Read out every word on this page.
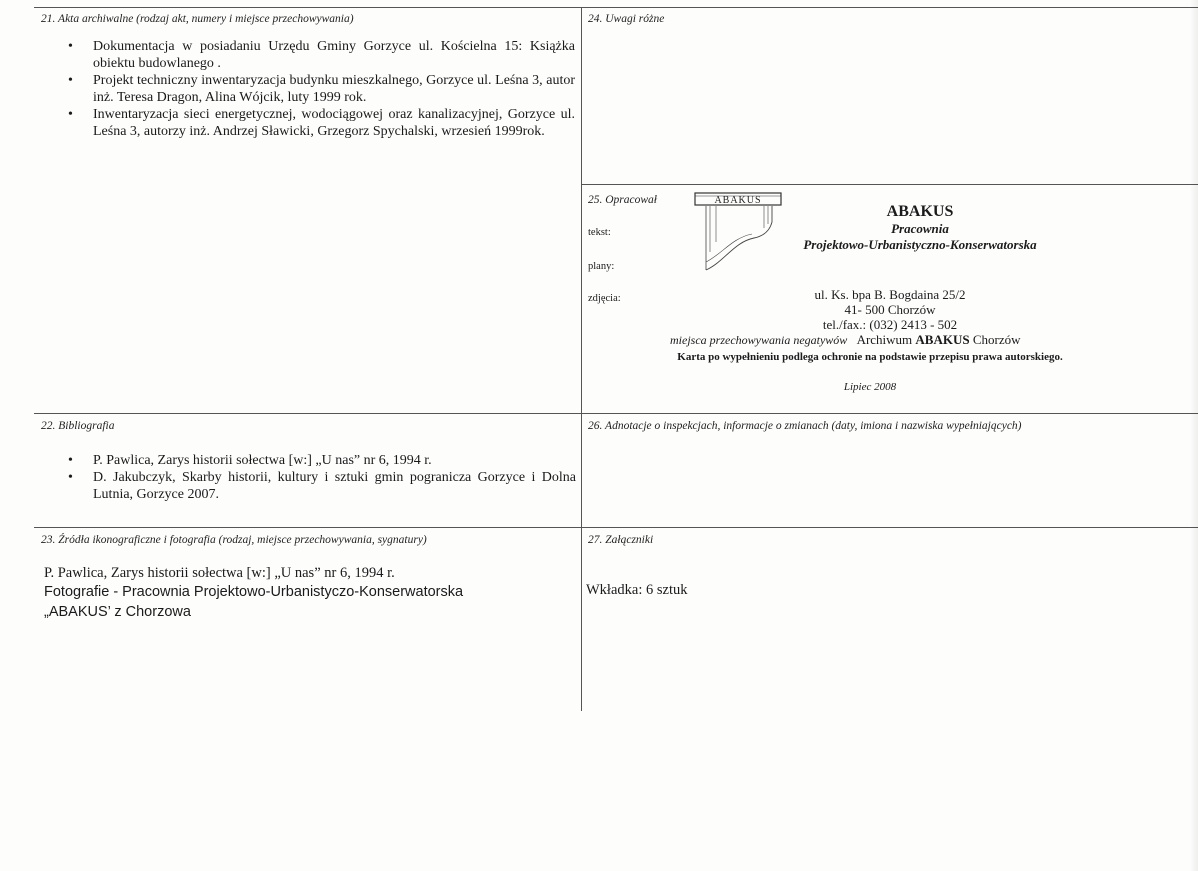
21. Akta archiwalne (rodzaj akt, numery i miejsce przechowywania)
• Dokumentacja w posiadaniu Urzędu Gminy Gorzyce ul. Kościelna 15: Książka obiektu budowlanego .
• Projekt techniczny inwentaryzacja budynku mieszkalnego, Gorzyce ul. Leśna 3, autor inż. Teresa Dragon, Alina Wójcik, luty 1999 rok.
• Inwentaryzacja sieci energetycznej, wodociągowej oraz kanalizacyjnej, Gorzyce ul. Leśna 3, autorzy inż. Andrzej Sławicki, Grzegorz Spychalski, wrzesień 1999rok.
24. Uwagi różne
25. Opracował
tekst:
plany:
zdjęcia:
ABAKUS
ABAKUS
Pracownia
Projektowo-Urbanistyczno-Konserwatorska
ul. Ks. bpa B. Bogdaina 25/2
41- 500 Chorzów
tel./fax.: (032) 2413 - 502
miejsca przechowywania negatywów Archiwum ABAKUS Chorzów
Karta po wypełnieniu podlega ochronie na podstawie przepisu prawa autorskiego.
Lipiec 2008
22. Bibliografia
• P. Pawlica, Zarys historii sołectwa [w:] „U nas” nr 6, 1994 r.
• D. Jakubczyk, Skarby historii, kultury i sztuki gmin pogranicza Gorzyce i Dolna Lutnia, Gorzyce 2007.
26. Adnotacje o inspekcjach, informacje o zmianach (daty, imiona i nazwiska wypełniających)
23. Źródła ikonograficzne i fotografia (rodzaj, miejsce przechowywania, sygnatury)
P. Pawlica, Zarys historii sołectwa [w:] „U nas” nr 6, 1994 r.
Fotografie - Pracownia Projektowo-Urbanistyczo-Konserwatorska
„ABAKUS’ z Chorzowa
27. Załączniki
Wkładka: 6 sztuk
